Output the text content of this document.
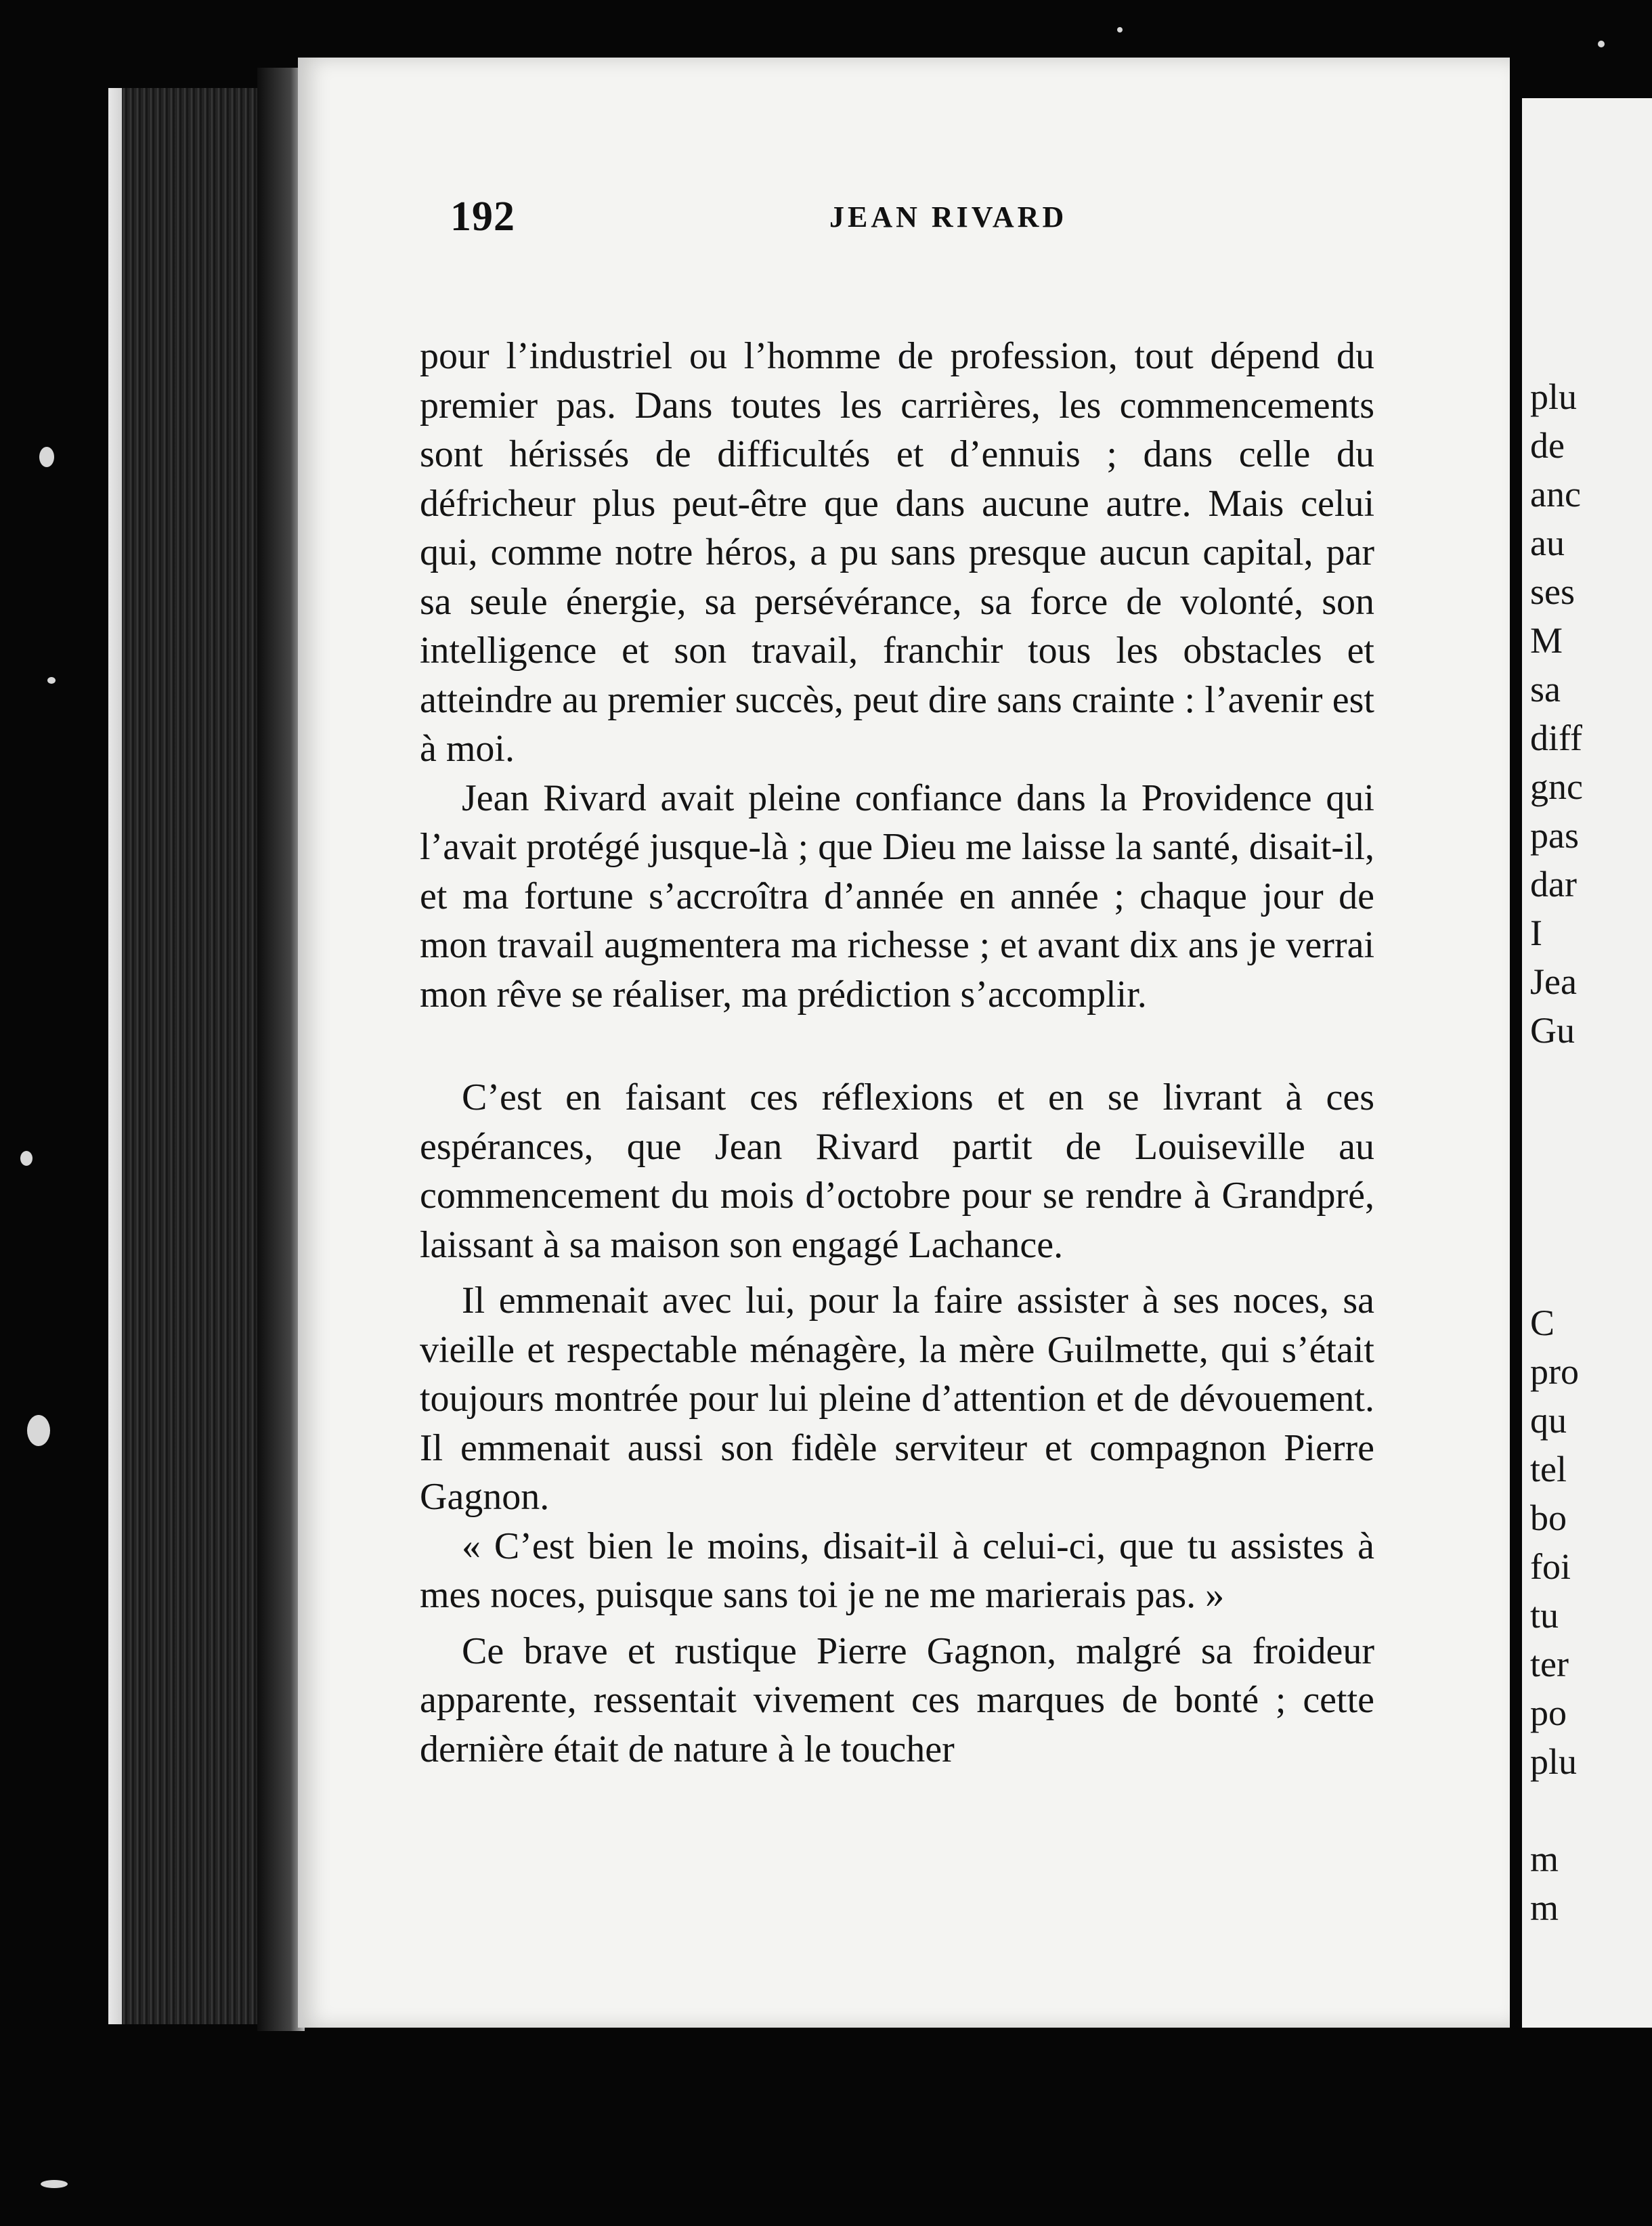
192	JEAN RIVARD

pour l’industriel ou l’homme de profession, tout dépend du premier pas. Dans toutes les carrières, les commencements sont hérissés de difficultés et d’ennuis ; dans celle du défricheur plus peut-être que dans aucune autre. Mais celui qui, comme notre héros, a pu sans presque aucun capital, par sa seule énergie, sa persévérance, sa force de volonté, son intelligence et son travail, franchir tous les obstacles et atteindre au premier succès, peut dire sans crainte : l’avenir est à moi.

Jean Rivard avait pleine confiance dans la Providence qui l’avait protégé jusque-là ; que Dieu me laisse la santé, disait-il, et ma fortune s’accroîtra d’année en année ; chaque jour de mon travail augmentera ma richesse ; et avant dix ans je verrai mon rêve se réaliser, ma prédiction s’accomplir.

C’est en faisant ces réflexions et en se livrant à ces espérances, que Jean Rivard partit de Louiseville au commencement du mois d’octobre pour se rendre à Grandpré, laissant à sa maison son engagé Lachance.

Il emmenait avec lui, pour la faire assister à ses noces, sa vieille et respectable ménagère, la mère Guilmette, qui s’était toujours montrée pour lui pleine d’attention et de dévouement. Il emmenait aussi son fidèle serviteur et compagnon Pierre Gagnon.

« C’est bien le moins, disait-il à celui-ci, que tu assistes à mes noces, puisque sans toi je ne me marierais pas. »

Ce brave et rustique Pierre Gagnon, malgré sa froideur apparente, ressentait vivement ces marques de bonté ; cette dernière était de nature à le toucher

plu
de
anc
au
ses
M
sa
diff
gnc
pas
dar
I
Jea
Gu

C
pro
qu
tel
bo
foi
tu
ter
po
plu

m
m
